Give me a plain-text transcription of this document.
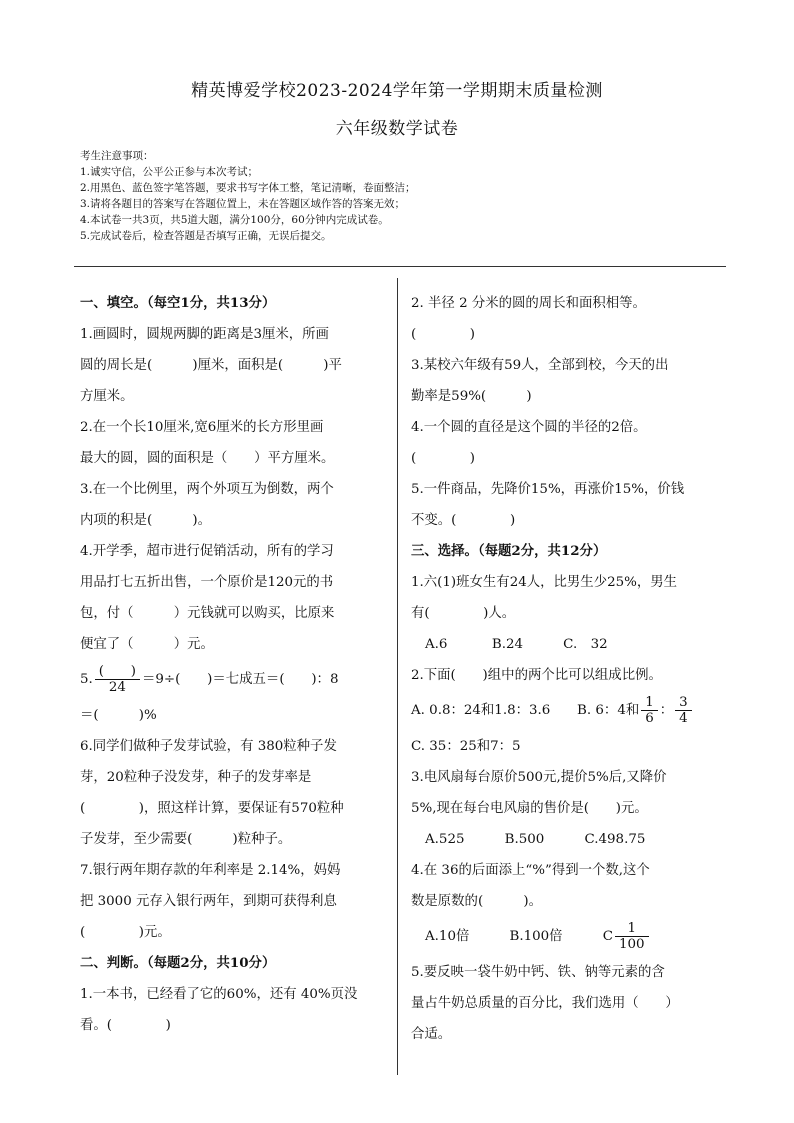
精英博爱学校2023-2024学年第一学期期末质量检测
六年级数学试卷
考生注意事项：
1.诚实守信，公平公正参与本次考试；
2.用黑色、蓝色签字笔答题，要求书写字体工整，笔记清晰，卷面整洁；
3.请将各题目的答案写在答题位置上，未在答题区域作答的答案无效；
4.本试卷一共3页，共5道大题，满分100分，60分钟内完成试卷。
5.完成试卷后，检查答题是否填写正确，无误后提交。
一、填空。（每空1分，共13分）
1.画圆时，圆规两脚的距离是3厘米，所画
圆的周长是(　　　)厘米，面积是(　　　)平
方厘米。
2.在一个长10厘米,宽6厘米的长方形里画
最大的圆，圆的面积是（　　）平方厘米。
3.在一个比例里，两个外项互为倒数，两个
内项的积是(　　　)。
4.开学季，超市进行促销活动，所有的学习
用品打七五折出售，一个原价是120元的书
包，付（　　　）元钱就可以购买，比原来
便宜了（　　　）元。
5. $\frac{( )}{24} =9\div$(　　)＝七成五＝(　　)：8
＝(　　　)%
6.同学们做种子发芽试验，有 380粒种子发
芽，20粒种子没发芽，种子的发芽率是
(　　　　)，照这样计算，要保证有570粒种
子发芽，至少需要(　　　)粒种子。
7.银行两年期存款的年利率是 2.14%，妈妈
把 3000 元存入银行两年，到期可获得利息
(　　　　)元。
二、判断。（每题2分，共10分）
1.一本书，已经看了它的60%，还有 40%页没
看。(　　　　)
2. 半径 2 分米的圆的周长和面积相等。
(　　　　)
3.某校六年级有59人，全部到校，今天的出
勤率是59%(　　　)
4.一个圆的直径是这个圆的半径的2倍。
(　　　　)
5.一件商品，先降价15%，再涨价15%，价钱
不变。(　　　　)
三、选择。（每题2分，共12分）
1.六(1)班女生有24人，比男生少25%，男生
有(　　　　)人。
A.6　　　 B.24　　　C.　32
2.下面(　　)组中的两个比可以组成比例。
A. 0.8：24和1.8：3.6　　B. 6：4和 $\frac{1}{6}$ ： $\frac{3}{4}$
C. 35：25和7：5
3.电风扇每台原价500元,提价5%后,又降价
5%,现在每台电风扇的售价是(　　)元。
A.525　　　B.500　　　C.498.75
4.在 36的后面添上“%”得到一个数,这个
数是原数的(　　　)。
A.10倍　　　B.100倍　　　C $\frac{1}{100}$
5.要反映一袋牛奶中钙、铁、钠等元素的含
量占牛奶总质量的百分比，我们选用（　　）
合适。
